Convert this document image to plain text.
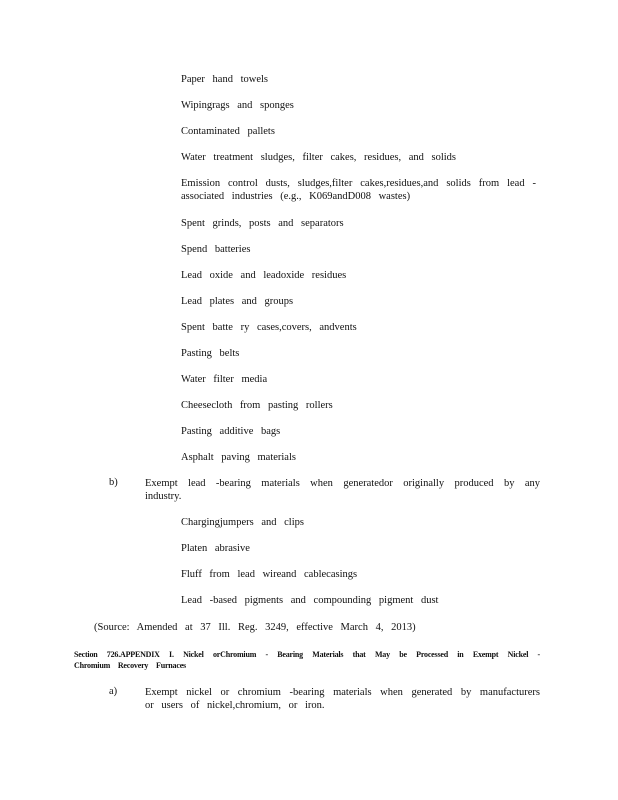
Paper hand towels
Wipingrags and sponges
Contaminated pallets
Water treatment sludges, filter cakes, residues, and solids
Emission control dusts, sludges,filter cakes,residues,and solids from lead - associated industries (e.g., K069andD008 wastes)
Spent grinds, posts and separators
Spend batteries
Lead oxide and leadoxide residues
Lead plates and groups
Spent batte ry cases,covers, andvents
Pasting belts
Water filter media
Cheesecloth from pasting rollers
Pasting additive bags
Asphalt paving materials
b)	Exempt lead -bearing materials when generatedor originally produced by any industry.
Chargingjumpers and clips
Platen abrasive
Fluff from lead wireand cablecasings
Lead -based pigments and compounding pigment dust
(Source: Amended at 37 Ill. Reg. 3249, effective March 4, 2013)
Section 726.APPENDIX I. Nickel orChromium - Bearing Materials that May be Processed in Exempt Nickel -Chromium Recovery Furnaces
a)	Exempt nickel or chromium -bearing materials when generated by manufacturers or users of nickel,chromium, or iron.
